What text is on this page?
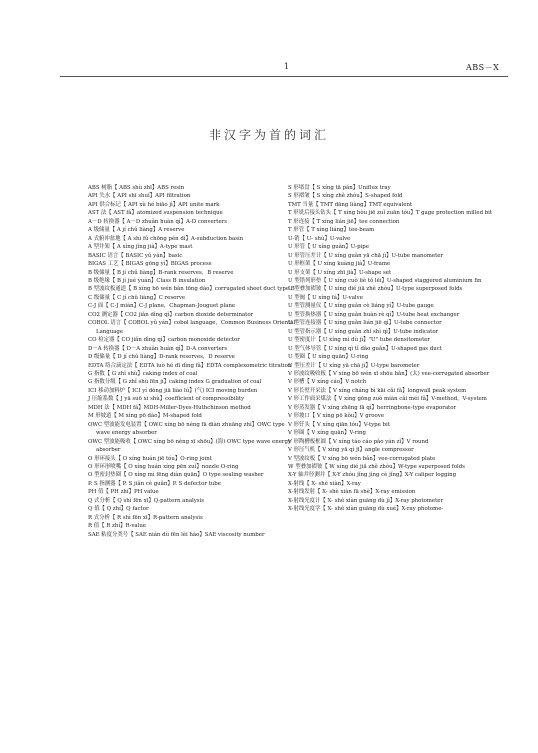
1	ABS－X
非汉字为首的词汇
ABS 树脂【 ABS shù zhī】ABS resin
API 失水【 API shī shuǐ】API filtration
API 供合标记【 API xù hé biāo jì】API unite mark
AST 法【 AST fǎ】atomized suspension technique
A－D 转换器【 A－D zhuǎn huàn qì】A-D converters
A 级储量【 A jí chǔ liàng】A reserve
A 式俯冲盆地【 A shì fǔ chōng pén dì】A-subduction basin
A 型井架【 A xíng jǐng jià】A-type mast
BASIC 语言【 BASIC yǔ yán】basic
BIGAS 工艺【 BIGAS gōng yì】BIGAS process
B 级储量【 B jí chǔ liàng】B-rank reserves，B reserve
B 级绝缘【 B jí jué yuán】Class B insulation
B 型波纹板通道【 B xíng bō wén bǎn tōng dào】corrugated sheet duct type B
C 级储量【 C jí chǔ liàng】C reserve
C-J 面【 C-J miàn】C-J plane，Chapman-Jouguet plane
CO2 测定器【 CO2 jiǎn dìng qì】carbon dioxide determinator
COBOL 语言【 COBOL yǔ yán】cobol language，Common Business Oriental Language
CO 检定器【 CO jiǎn dìng qì】carbon monoxide detector
D－A 转换器【 D－A zhuǎn huàn qì】D-A converters
D 级储量【 D jí chǔ liàng】D-rank reserves，D reserve
EDTA 络合滴定法【 EDTA luò hé dī dìng fǎ】EDTA complexometric titration
G 指数【 G zhǐ shù】caking index of coal
G 指数分级【 G zhǐ shù fēn jí】caking index G graduation of coal
ICI 移动加料炉【 ICI yí dòng jiā liào lú】(气) ICI moving burden
J 压缩系数【 J yā suō xì shù】coefficient of compressibility
MDH 法【 MDH fǎ】MDH-Miller-Dyes-Huthchinson method
M 形坡道【 M xíng pō dào】M-shaped fold
OWC 型波能发电装置【 OWC xíng bō néng fā diàn zhuāng zhì】OWC type wave energy absorber
OWC 型波能吸收【 OWC xíng bō néng xī shōu】(海) OWC type wave energy absorber
O 形环接头【 O xíng huán jiē tóu】O-ring joint
O 形环形喷嘴【 O xíng huán xíng pēn zuǐ】nozzle O-ring
O 型密封垫圈【 O xíng mì fēng diàn quān】O type sealing washer
P. S 指测器【 P. S jiǎn cè guǎn】P. S defector tube
PH 值【 PH zhí】PH value
Q 式分析【 Q shì fēn xī】Q-pattern analysis
Q 值【 Q zhí】Q factor
R 式分析【 R shì fēn xī】R-pattern analysis
R 值【 R zhí】R-value
SAE 粘度分类号【 SAE nián dù fēn lèi hào】SAE viscosity number
S 形堵盘【 S xíng tā pán】Uniflux tray
S 形褶皱【 S xíng zhě zhòu】S-shaped fold
TMT 当量【 TMT dāng liàng】TMT equivalent
T 形铣后接头钻头【 T xíng hòu jiē zuǐ zuān tóu】T gage protection milled bit
T 形连接【 T xíng lián jiē】tee connection
T 形管【 T xíng liáng】tee-beam
U-销【 U- shù】U-valve
U 形管【 U xíng guǎn】U-pipe
U 形管压差计【 U xíng guǎn yā chā jì】U-tube manometer
U 形框架【 U xíng kuàng jià】U-frame
U 形支架【 U xíng zhī jià】U-shape set
U 型错列形垫【 U xíng cuò liè tǒ lěi】U-shaped staggered aluminium fin
U 型叠加褶皱【 U xíng dié jiā zhě zhòu】U-type superposed folds
U 型阀【 U xíng fá】U-valve
U 型管测量仪【 U xíng guǎn cè liáng yí】U-tube gauge
U 型管换热器【 U xíng guǎn huàn rè qì】U-tube heat exchanger
U 型管连接器【 U xíng guǎn lián jiē qì】U-tube connector
U 型管指示器【 U xíng guǎn zhǐ shì qì】U-tube indicator
U 型密度计【 U xíng mì dù jì】"U" tube densitometer
U 型气体导管【 U xíng qì tǐ dǎo guǎn】U-shaped gas duct
U 型圈【 U xíng quān】U-ring
U 型压差计【 U xíng yā chā jì】U-type barometer
V 形波纹吸收板【 V xíng bō wén xī shōu bǎn】(太) vee-corrugated absorber
V 形槽【 V xíng cáo】V notch
V 形长壁开采法【 V xíng cháng bì kāi cǎi fǎ】longwall peak system
V 形工作面采煤法【 V xíng gōng zuò miàn cǎi méi fǎ】V-method，V-system
V 形蒸发器【 V xíng zhēng fā qì】herringbone-type evaporator
V 形坡口【 V xíng pō kǒu】V groove
V 形钎头【 V xíng qiān tóu】V-type bit
V 形圈【 V xíng quān】V-ring
V 形陶槽板框圆【 V xíng táo cáo pǎo yán zǐ】V round
V 形压气机【 V xíng yā qì jī】angle compressor
V 型波纹板【 V xíng bō wén bǎn】vee-corrugated plate
W 型叠加褶皱【 W xíng dié jiā zhě zhòu】W-type superposed folds
X-Y 轴井径测井【 X-Y zhóu jǐng jìng cè jǐng】X-Y caliper logging
X-射线【 X- shè xiàn】X-ray
X-射线发射【 X- shè xiàn fā shè】X-ray emission
X-射线光度计【 X- shè xiàn guāng dù jì】X-ray photometer
X-射线光度学【 X- shè xiàn guāng dù xué】X-ray photome-
